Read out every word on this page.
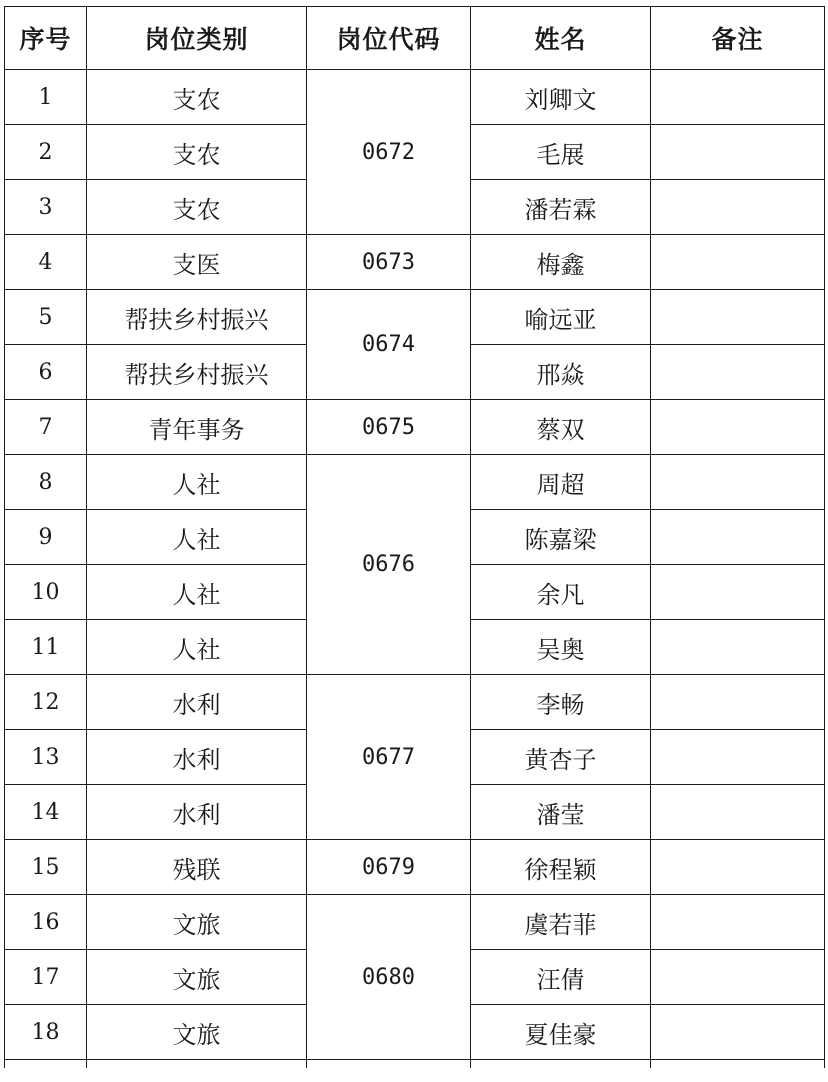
序号	岗位类别	岗位代码	姓名	备注
1	支农	0672	刘卿文	
2	支农		毛展	
3	支农		潘若霖	
4	支医	0673	梅鑫	
5	帮扶乡村振兴	0674	喻远亚	
6	帮扶乡村振兴		邢焱	
7	青年事务	0675	蔡双	
8	人社	0676	周超	
9	人社		陈嘉梁	
10	人社		余凡	
11	人社		吴奥	
12	水利	0677	李畅	
13	水利		黄杏子	
14	水利		潘莹	
15	残联	0679	徐程颖	
16	文旅	0680	虞若菲	
17	文旅		汪倩	
18	文旅		夏佳豪	
